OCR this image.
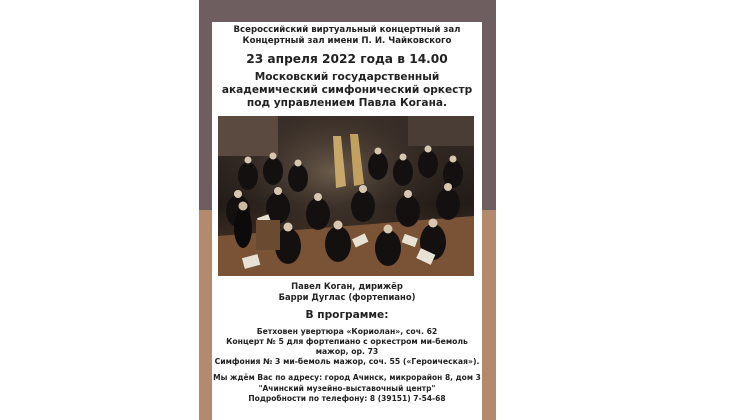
Всероссийский виртуальный концертный зал
Концертный зал имени П. И. Чайковского
23 апреля 2022 года в 14.00
Московский государственный
академический симфонический оркестр
под управлением Павла Когана.
Павел Коган, дирижёр
Барри Дуглас (фортепиано)
В программе:
Бетховен увертюра «Кориолан», соч. 62
Концерт № 5 для фортепиано с оркестром ми-бемоль
мажор, ор. 73
Симфония № 3 ми-бемоль мажор, соч. 55 («Героическая»).
Мы ждём Вас по адресу: город Ачинск, микрорайон 8, дом 3
"Ачинский музейно-выставочный центр"
Подробности по телефону: 8 (39151) 7-54-68
